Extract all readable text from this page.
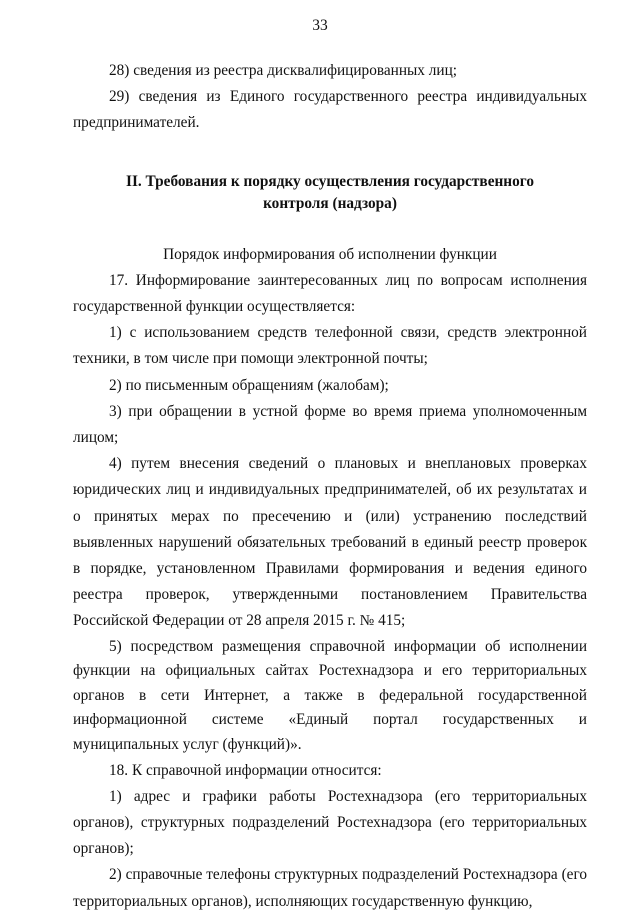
33

28) сведения из реестра дисквалифицированных лиц;

29) сведения из Единого государственного реестра индивидуальных предпринимателей.

II. Требования к порядку осуществления государственного контроля (надзора)

Порядок информирования об исполнении функции

17. Информирование заинтересованных лиц по вопросам исполнения государственной функции осуществляется:

1) с использованием средств телефонной связи, средств электронной техники, в том числе при помощи электронной почты;

2) по письменным обращениям (жалобам);

3) при обращении в устной форме во время приема уполномоченным лицом;

4) путем внесения сведений о плановых и внеплановых проверках юридических лиц и индивидуальных предпринимателей, об их результатах и о принятых мерах по пресечению и (или) устранению последствий выявленных нарушений обязательных требований в единый реестр проверок в порядке, установленном Правилами формирования и ведения единого реестра проверок, утвержденными постановлением Правительства Российской Федерации от 28 апреля 2015 г. № 415;

5) посредством размещения справочной информации об исполнении функции на официальных сайтах Ростехнадзора и его территориальных органов в сети Интернет, а также в федеральной государственной информационной системе «Единый портал государственных и муниципальных услуг (функций)».

18. К справочной информации относится:

1) адрес и графики работы Ростехнадзора (его территориальных органов), структурных подразделений Ростехнадзора (его территориальных органов);

2) справочные телефоны структурных подразделений Ростехнадзора (его территориальных органов), исполняющих государственную функцию,
